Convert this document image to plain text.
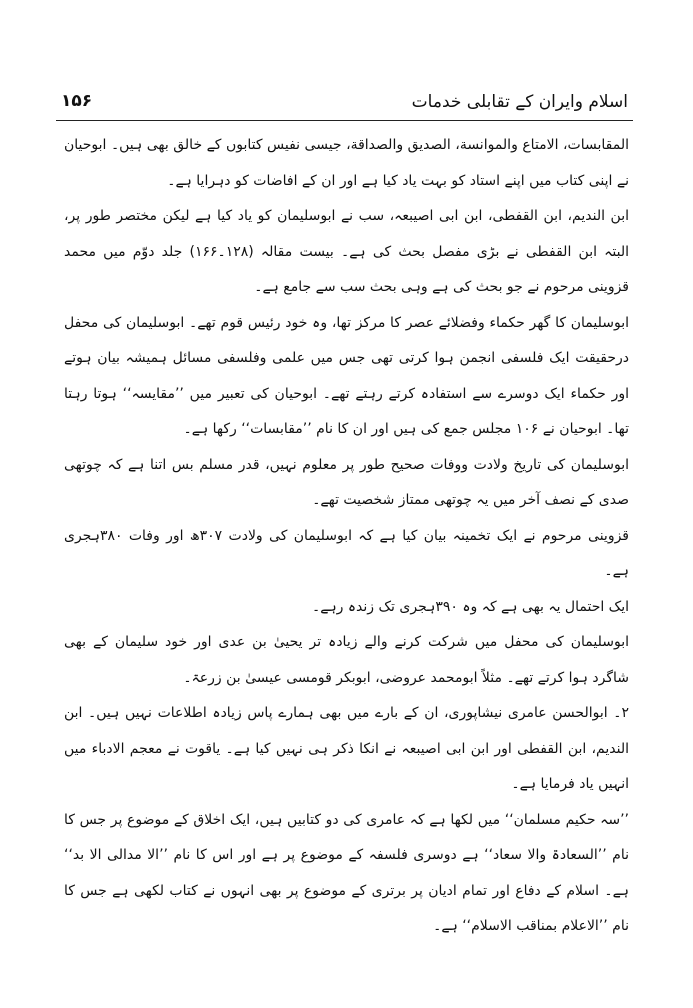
اسلام وایران کے تقابلی خدمات
۱۵۶

المقابسات، الامتاع والموانسة، الصدیق والصداقة، جیسی نفیس کتابوں کے خالق بھی ہیں۔ ابوحیان نے اپنی کتاب میں اپنے استاد کو بہت یاد کیا ہے اور ان کے افاضات کو دہرایا ہے۔

ابن الندیم، ابن القفطی، ابن ابی اصیبعہ، سب نے ابوسلیمان کو یاد کیا ہے لیکن مختصر طور پر، البتہ ابن القفطی نے بڑی مفصل بحث کی ہے۔ بیست مقالہ (۱۲۸۔۱۶۶) جلد دوّم میں محمد قزوینی مرحوم نے جو بحث کی ہے وہی بحث سب سے جامع ہے۔

ابوسلیمان کا گھر حکماء وفضلائے عصر کا مرکز تھا، وہ خود رئیس قوم تھے۔ ابوسلیمان کی محفل درحقیقت ایک فلسفی انجمن ہوا کرتی تھی جس میں علمی وفلسفی مسائل ہمیشہ بیان ہوتے اور حکماء ایک دوسرے سے استفادہ کرتے رہتے تھے۔ ابوحیان کی تعبیر میں ’’مقایسہ‘‘ ہوتا رہتا تھا۔ ابوحیان نے ۱۰۶ مجلس جمع کی ہیں اور ان کا نام ’’مقابسات‘‘ رکھا ہے۔

ابوسلیمان کی تاریخ ولادت ووفات صحیح طور پر معلوم نہیں، قدر مسلم بس اتنا ہے کہ چوتھی صدی کے نصف آخر میں یہ چوتھی ممتاز شخصیت تھے۔

قزوینی مرحوم نے ایک تخمینہ بیان کیا ہے کہ ابوسلیمان کی ولادت ۳۰۷ھ اور وفات ۳۸۰ہجری ہے۔

ایک احتمال یہ بھی ہے کہ وہ ۳۹۰ہجری تک زندہ رہے۔

ابوسلیمان کی محفل میں شرکت کرنے والے زیادہ تر یحییٰ بن عدی اور خود سلیمان کے بھی شاگرد ہوا کرتے تھے۔ مثلاً ابومحمد عروضی، ابوبکر قومسی عیسیٰ بن زرعۃ۔

۲۔ ابوالحسن عامری نیشاپوری، ان کے بارے میں بھی ہمارے پاس زیادہ اطلاعات نہیں ہیں۔ ابن الندیم، ابن القفطی اور ابن ابی اصیبعہ نے انکا ذکر ہی نہیں کیا ہے۔ یاقوت نے معجم الادباء میں انہیں یاد فرمایا ہے۔

’’سہ حکیم مسلمان‘‘ میں لکھا ہے کہ عامری کی دو کتابیں ہیں، ایک اخلاق کے موضوع پر جس کا نام ’’السعادۃ والا سعاد‘‘ ہے دوسری فلسفہ کے موضوع پر ہے اور اس کا نام ’’الا مدالی الا بد‘‘ ہے۔ اسلام کے دفاع اور تمام ادیان پر برتری کے موضوع پر بھی انہوں نے کتاب لکھی ہے جس کا نام ’’الاعلام بمناقب الاسلام‘‘ ہے۔
